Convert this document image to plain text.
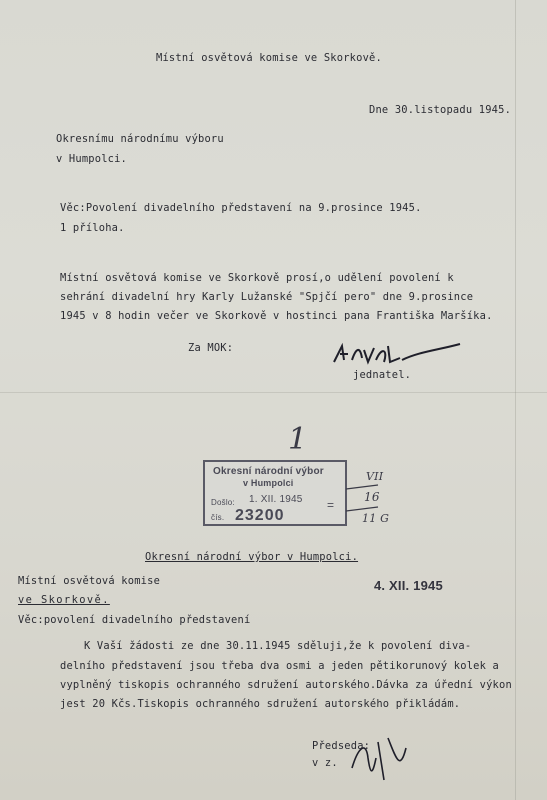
Místní osvětová komise ve Skorkově.
Dne 30.listopadu 1945.
Okresnímu národnímu výboru
v Humpolci.
Věc:Povolení divadelního představení na 9.prosince 1945.
1 příloha.
Místní osvětová komise ve Skorkově prosí,o udělení povolení k
sehrání divadelní hry Karly Lužanské "Spjčí pero" dne 9.prosince
1945 v 8 hodin večer ve Skorkově v hostinci pana Františka Maršíka.
Za MOK:
jednatel.
1
Okresní národní výbor
v Humpolci
Došlo: 1. XII. 1945
čís. 23200
=
VII
16
11 G
Okresní národní výbor v Humpolci.
Místní osvětová komise
ve Skorkově.
4. XII. 1945
Věc:povolení divadelního představení
K Vaší žádosti ze dne 30.11.1945 sděluji,že k povolení diva-
delního představení jsou třeba dva osmi a jeden pětikorunový kolek a
vyplněný tiskopis ochranného sdružení autorského.Dávka za úřední výkon
jest 20 Kčs.Tiskopis ochranného sdružení autorského přikládám.
Předseda:
v z.
